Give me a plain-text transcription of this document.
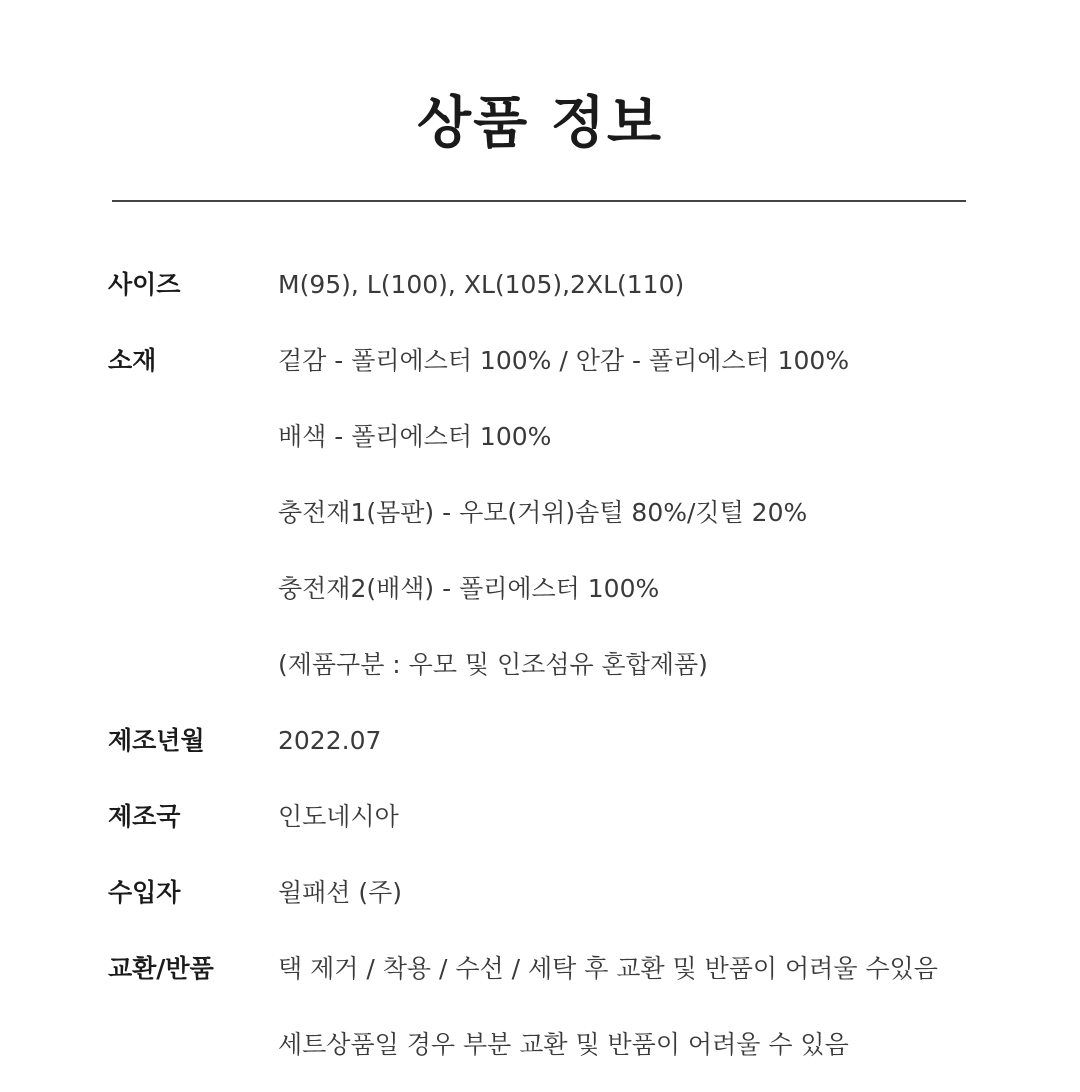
상품 정보
사이즈	M(95), L(100), XL(105),2XL(110)
소재	겉감 - 폴리에스터 100% / 안감 - 폴리에스터 100%
배색 - 폴리에스터 100%
충전재1(몸판) - 우모(거위)솜털 80%/깃털 20%
충전재2(배색) - 폴리에스터 100%
(제품구분 : 우모 및 인조섬유 혼합제품)
제조년월	2022.07
제조국	인도네시아
수입자	윌패션 (주)
교환/반품	택 제거 / 착용 / 수선 / 세탁 후 교환 및 반품이 어려울 수있음
세트상품일 경우 부분 교환 및 반품이 어려울 수 있음
